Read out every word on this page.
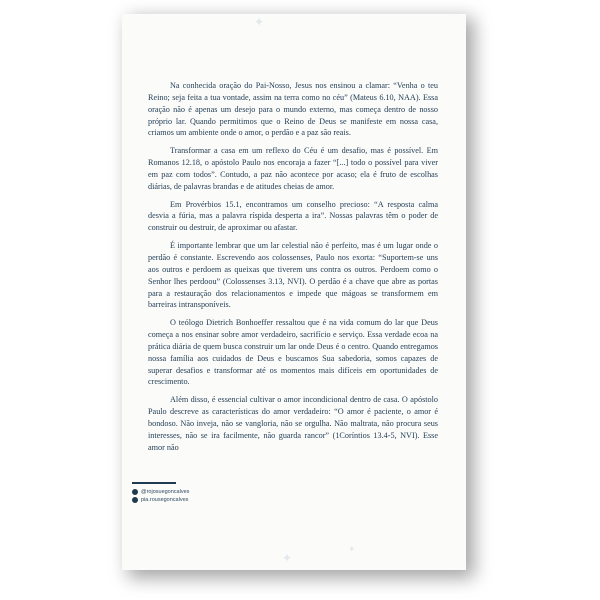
✦
✦
✦

Na conhecida oração do Pai-Nosso, Jesus nos ensinou a clamar: “Venha o teu Reino; seja feita a tua vontade, assim na terra como no céu” (Mateus 6.10, NAA). Essa oração não é apenas um desejo para o mundo externo, mas começa dentro de nosso próprio lar. Quando permitimos que o Reino de Deus se manifeste em nossa casa, criamos um ambiente onde o amor, o perdão e a paz são reais.

Transformar a casa em um reflexo do Céu é um desafio, mas é possível. Em Romanos 12.18, o apóstolo Paulo nos encoraja a fazer “[...] todo o possível para viver em paz com todos”. Contudo, a paz não acontece por acaso; ela é fruto de escolhas diárias, de palavras brandas e de atitudes cheias de amor.

Em Provérbios 15.1, encontramos um conselho precioso: “A resposta calma desvia a fúria, mas a palavra ríspida desperta a ira”. Nossas palavras têm o poder de construir ou destruir, de aproximar ou afastar.

É importante lembrar que um lar celestial não é perfeito, mas é um lugar onde o perdão é constante. Escrevendo aos colossenses, Paulo nos exorta: “Suportem-se uns aos outros e perdoem as queixas que tiverem uns contra os outros. Perdoem como o Senhor lhes perdoou” (Colossenses 3.13, NVI). O perdão é a chave que abre as portas para a restauração dos relacionamentos e impede que mágoas se transformem em barreiras intransponíveis.

O teólogo Dietrich Bonhoeffer ressaltou que é na vida comum do lar que Deus começa a nos ensinar sobre amor verdadeiro, sacrifício e serviço. Essa verdade ecoa na prática diária de quem busca construir um lar onde Deus é o centro. Quando entregamos nossa família aos cuidados de Deus e buscamos Sua sabedoria, somos capazes de superar desafios e transformar até os momentos mais difíceis em oportunidades de crescimento.

Além disso, é essencial cultivar o amor incondicional dentro de casa. O apóstolo Paulo descreve as características do amor verdadeiro: “O amor é paciente, o amor é bondoso. Não inveja, não se vangloria, não se orgulha. Não maltrata, não procura seus interesses, não se ira facilmente, não guarda rancor” (1Coríntios 13.4-5, NVI). Esse amor não

@rojosuegoncalves
pia.rousegoncalves
